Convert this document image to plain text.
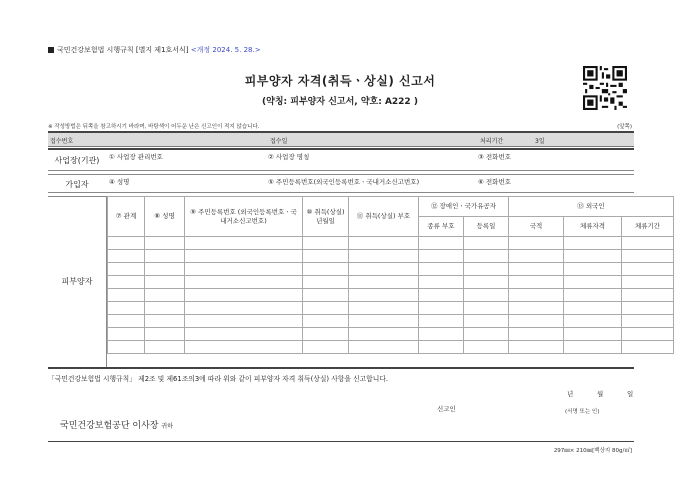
국민건강보험법 시행규칙 [별지 제1호서식] <개정 2024. 5. 28.>
피부양자 자격(취득ㆍ상실) 신고서
(약칭: 피부양자 신고서, 약호: A222 )
※ 작성방법은 뒤쪽을 참고하시기 바라며, 바탕색이 어두운 난은 신고인이 적지 않습니다.	(앞쪽)
접수번호	접수일	처리기간	3일
사업장(기관)	① 사업장 관리번호	② 사업장 명칭	③ 전화번호
가입자	④ 성명	⑤ 주민등록번호(외국인등록번호ㆍ국내거소신고번호)	⑥ 전화번호
피부양자
⑦ 관계	⑧ 성명	⑨ 주민등록번호 (외국인등록번호ㆍ국내거소신고번호)	⑩ 취득(상실) 년월일	⑪ 취득(상실) 부호	⑫ 장애인ㆍ국가유공자		⑬ 외국인		
					종류 부호	등록일	국적	체류자격	체류기간

「국민건강보험법 시행규칙」 제2조 및 제61조의3에 따라 위와 같이 피부양자 자격 취득(상실) 사항을 신고합니다.
년	월	일
신고인	(서명 또는 인)
국민건강보험공단 이사장 귀하
297㎜× 210㎜[백상지 80g/㎡]
